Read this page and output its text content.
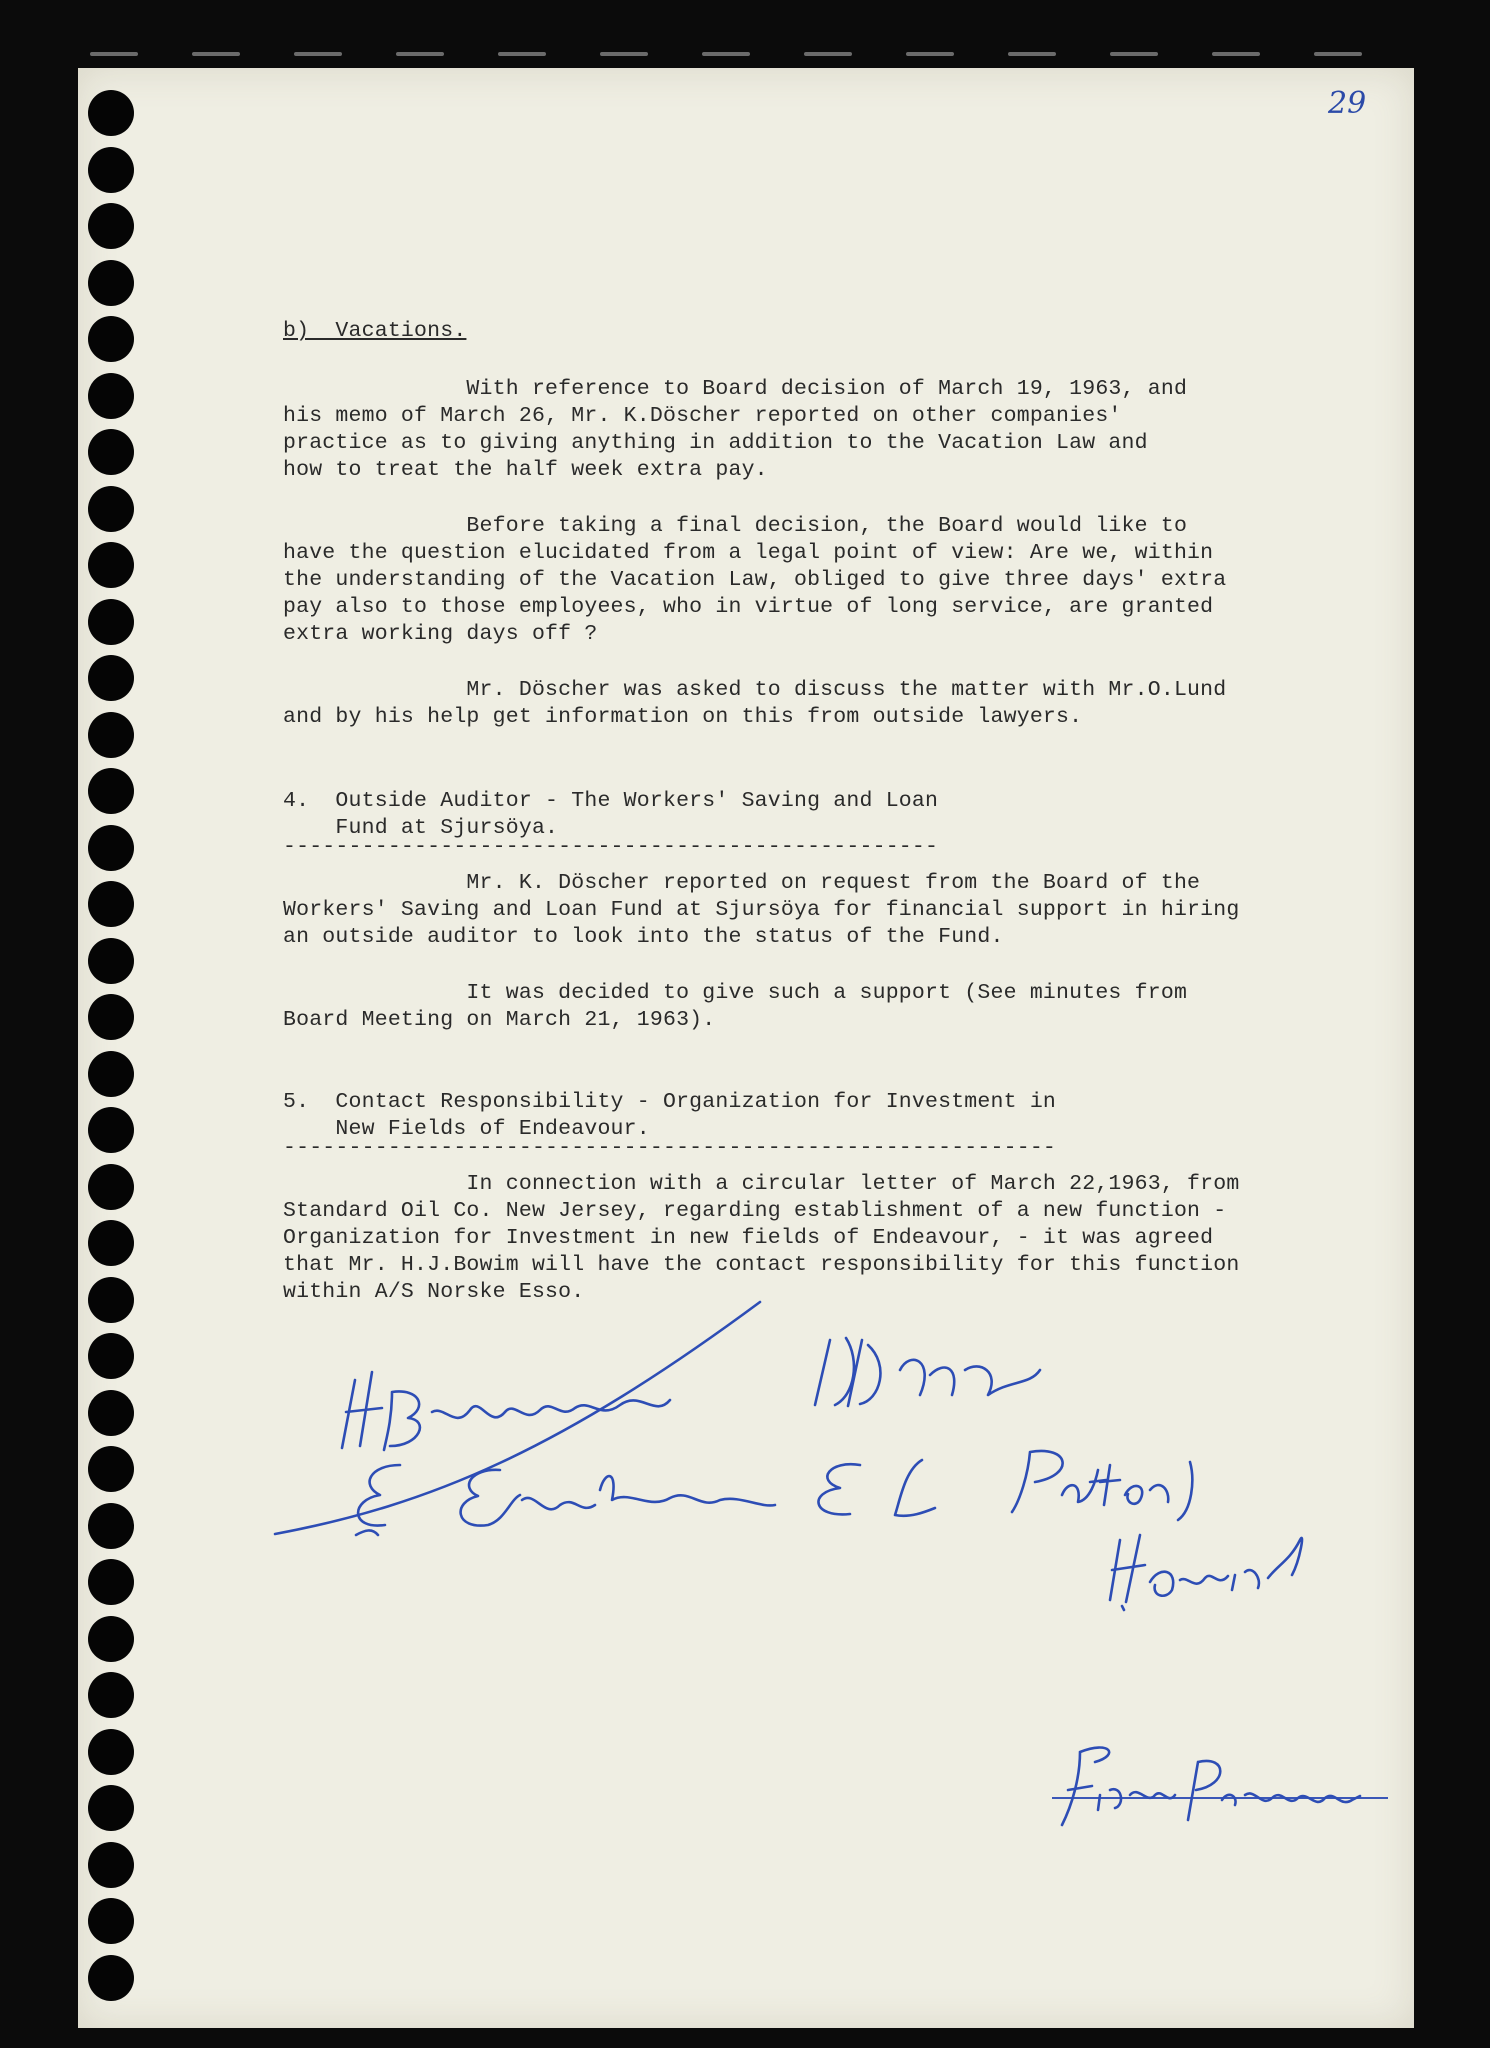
29
b)  Vacations.
With reference to Board decision of March 19, 1963, and
his memo of March 26, Mr. K.Döscher reported on other companies'
practice as to giving anything in addition to the Vacation Law and
how to treat the half week extra pay.
Before taking a final decision, the Board would like to
have the question elucidated from a legal point of view: Are we, within
the understanding of the Vacation Law, obliged to give three days' extra
pay also to those employees, who in virtue of long service, are granted
extra working days off ?
Mr. Döscher was asked to discuss the matter with Mr.O.Lund
and by his help get information on this from outside lawyers.
4.  Outside Auditor - The Workers' Saving and Loan
Fund at Sjursöya.
--------------------------------------------------
Mr. K. Döscher reported on request from the Board of the
Workers' Saving and Loan Fund at Sjursöya for financial support in hiring
an outside auditor to look into the status of the Fund.
It was decided to give such a support (See minutes from
Board Meeting on March 21, 1963).
5.  Contact Responsibility - Organization for Investment in
New Fields of Endeavour.
-----------------------------------------------------------
In connection with a circular letter of March 22,1963, from
Standard Oil Co. New Jersey, regarding establishment of a new function -
Organization for Investment in new fields of Endeavour, - it was agreed
that Mr. H.J.Bowim will have the contact responsibility for this function
within A/S Norske Esso.
